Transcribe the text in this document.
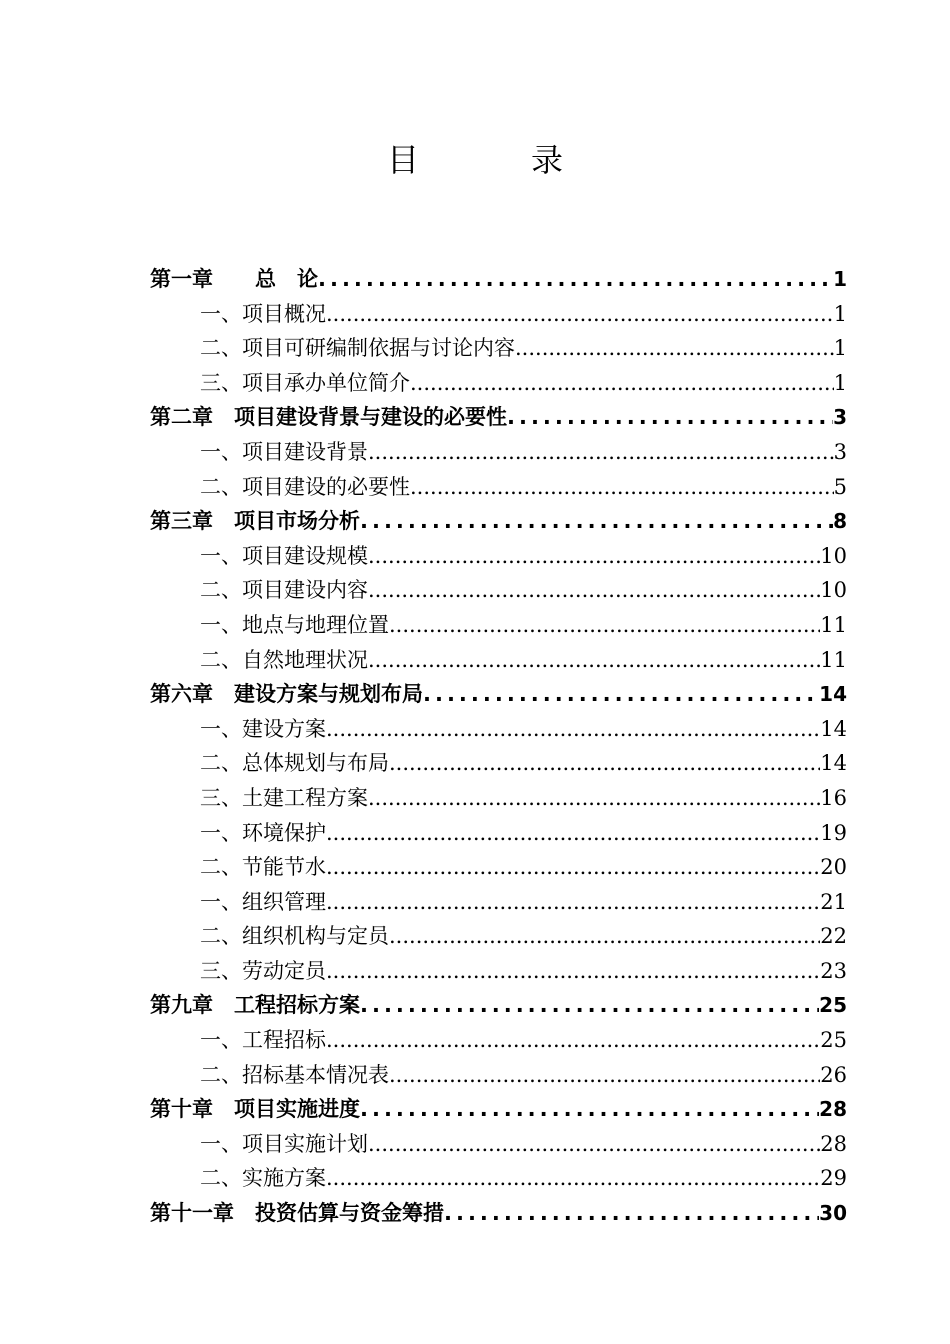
目　录
第一章　　总　论 .....	1
一、项目概况 .....	1
二、项目可研编制依据与讨论内容 .....	1
三、项目承办单位简介 .....	1
第二章　项目建设背景与建设的必要性 .....	3
一、项目建设背景 .....	3
二、项目建设的必要性 .....	5
第三章　项目市场分析 .....	8
一、项目建设规模 .....	10
二、项目建设内容 .....	10
一、地点与地理位置 .....	11
二、自然地理状况 .....	11
第六章　建设方案与规划布局 .....	14
一、建设方案 .....	14
二、总体规划与布局 .....	14
三、土建工程方案 .....	16
一、环境保护 .....	19
二、节能节水 .....	20
一、组织管理 .....	21
二、组织机构与定员 .....	22
三、劳动定员 .....	23
第九章　工程招标方案 .....	25
一、工程招标 .....	25
二、招标基本情况表 .....	26
第十章　项目实施进度 .....	28
一、项目实施计划 .....	28
二、实施方案 .....	29
第十一章　投资估算与资金筹措 .....	30
